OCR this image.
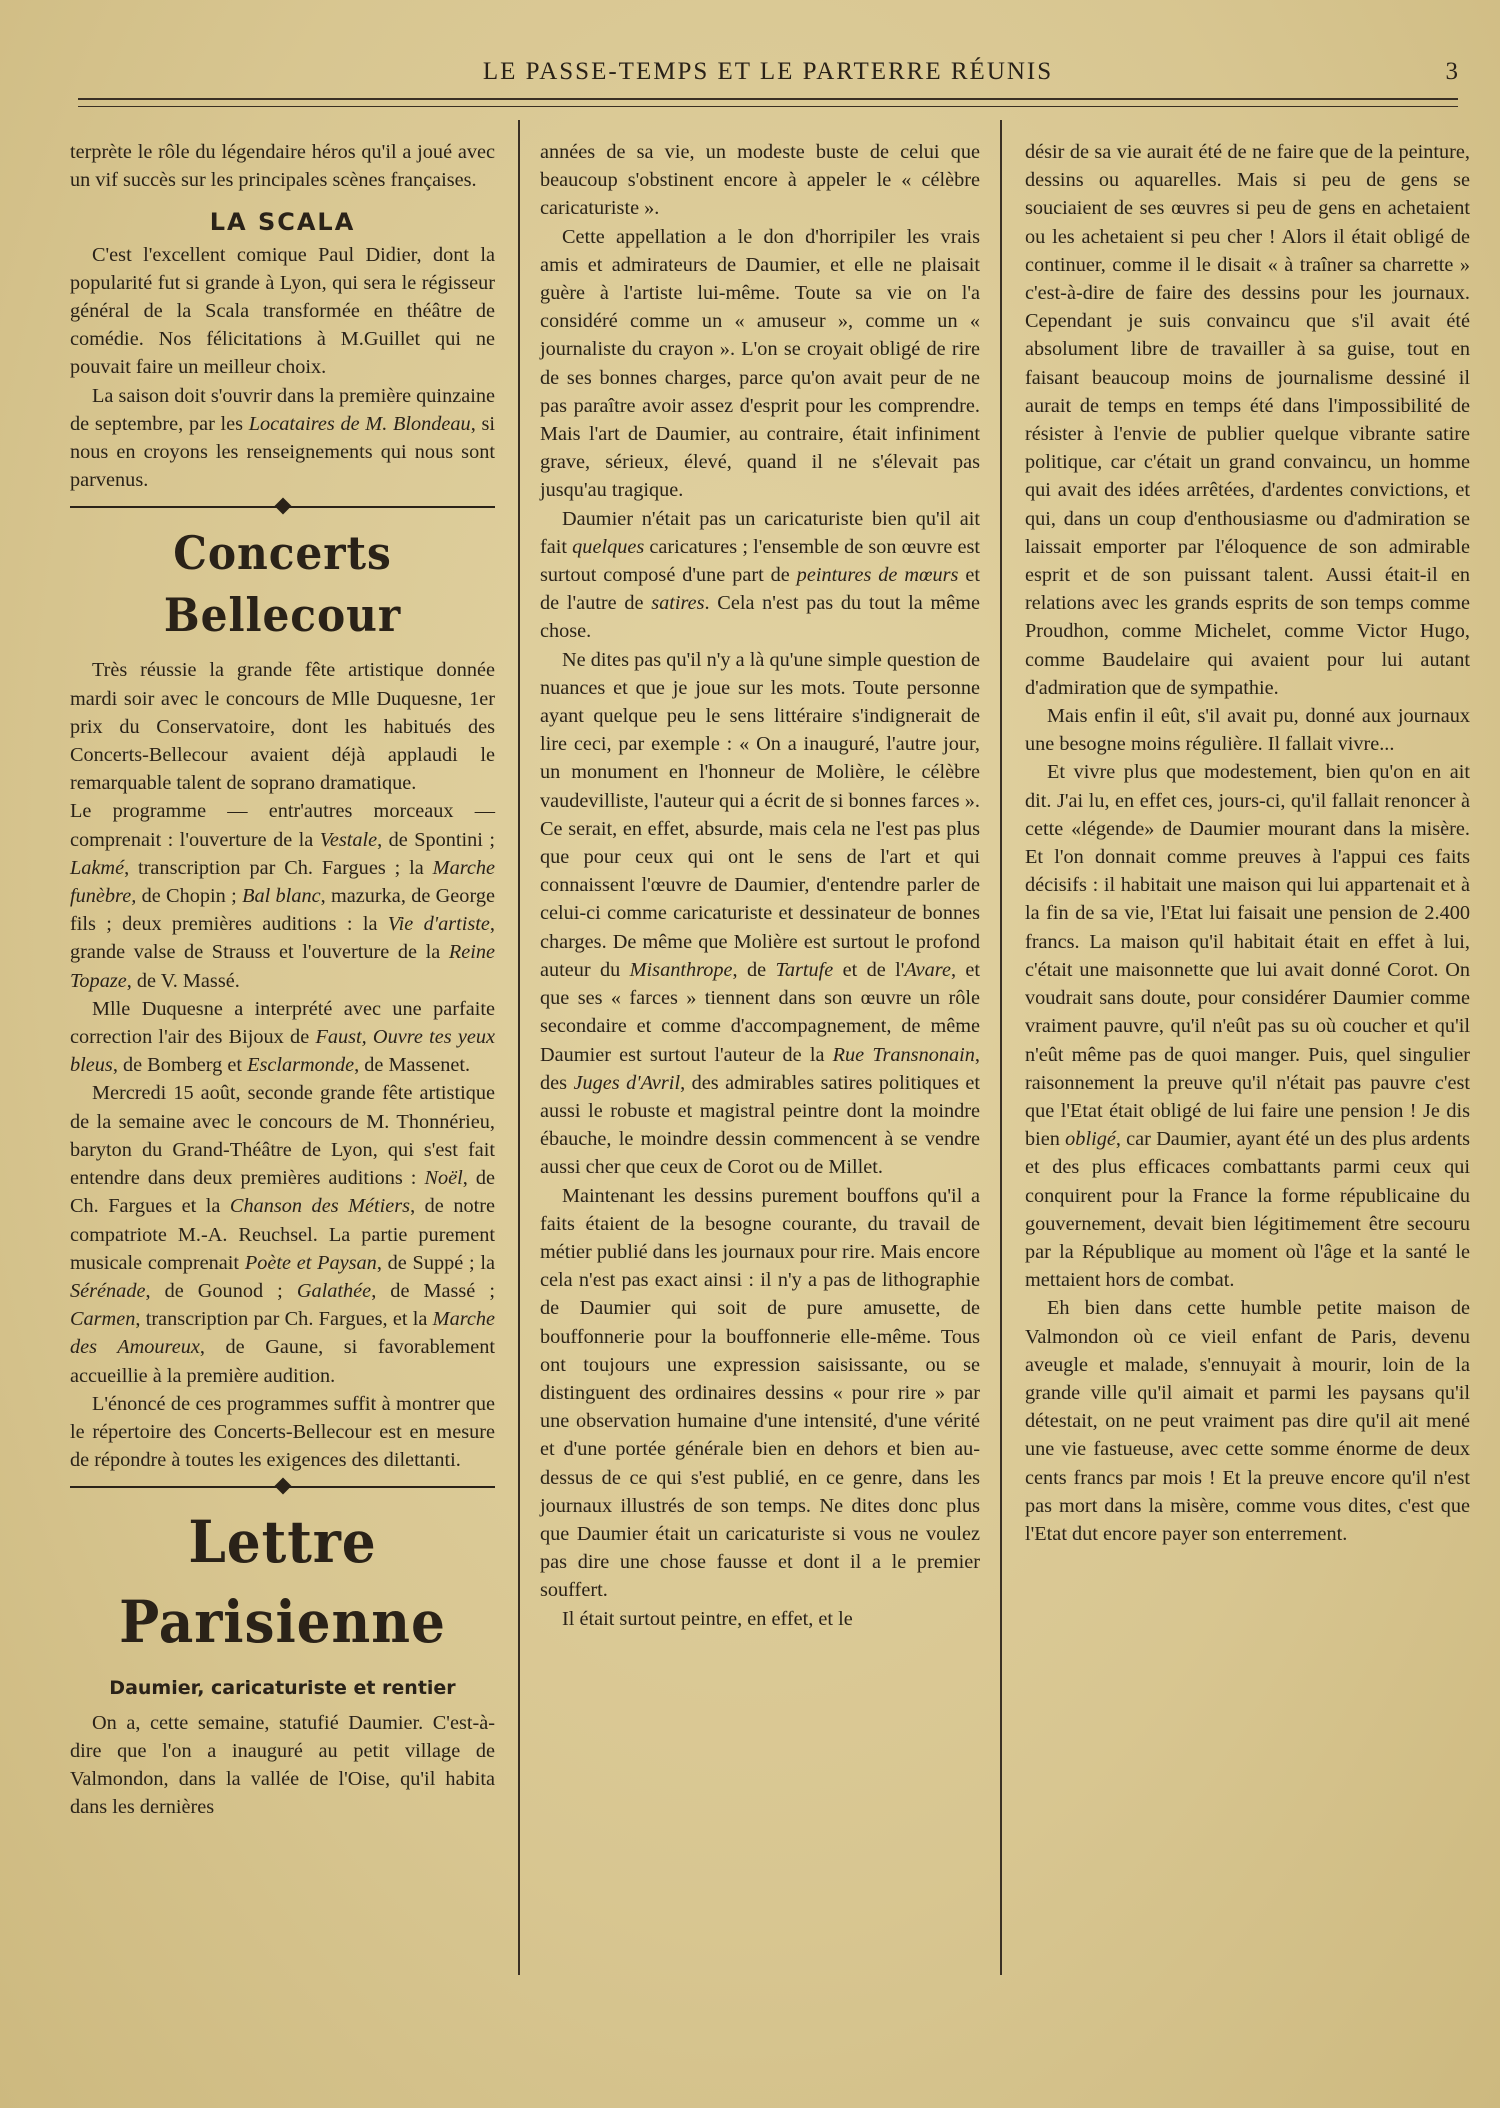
LE PASSE-TEMPS ET LE PARTERRE RÉUNIS	3

terprète le rôle du légendaire héros qu'il a joué avec un vif succès sur les principales scènes françaises.

LA SCALA

C'est l'excellent comique Paul Didier, dont la popularité fut si grande à Lyon, qui sera le régisseur général de la Scala transformée en théâtre de comédie. Nos félicitations à M.Guillet qui ne pouvait faire un meilleur choix.

La saison doit s'ouvrir dans la première quinzaine de septembre, par les Locataires de M. Blondeau, si nous en croyons les renseignements qui nous sont parvenus.

Concerts Bellecour

Très réussie la grande fête artistique donnée mardi soir avec le concours de Mlle Duquesne, 1er prix du Conservatoire, dont les habitués des Concerts-Bellecour avaient déjà applaudi le remarquable talent de soprano dramatique.

Le programme — entr'autres morceaux — comprenait : l'ouverture de la Vestale, de Spontini ; Lakmé, transcription par Ch. Fargues ; la Marche funèbre, de Chopin ; Bal blanc, mazurka, de George fils ; deux premières auditions : la Vie d'artiste, grande valse de Strauss et l'ouverture de la Reine Topaze, de V. Massé.

Mlle Duquesne a interprété avec une parfaite correction l'air des Bijoux de Faust, Ouvre tes yeux bleus, de Bomberg et Esclarmonde, de Massenet.

Mercredi 15 août, seconde grande fête artistique de la semaine avec le concours de M. Thonnérieu, baryton du Grand-Théâtre de Lyon, qui s'est fait entendre dans deux premières auditions : Noël, de Ch. Fargues et la Chanson des Métiers, de notre compatriote M.-A. Reuchsel. La partie purement musicale comprenait Poète et Paysan, de Suppé ; la Sérénade, de Gounod ; Galathée, de Massé ; Carmen, transcription par Ch. Fargues, et la Marche des Amoureux, de Gaune, si favorablement accueillie à la première audition.

L'énoncé de ces programmes suffit à montrer que le répertoire des Concerts-Bellecour est en mesure de répondre à toutes les exigences des dilettanti.

Lettre Parisienne
Daumier, caricaturiste et rentier

On a, cette semaine, statufié Daumier. C'est-à-dire que l'on a inauguré au petit village de Valmondon, dans la vallée de l'Oise, qu'il habita dans les dernières

années de sa vie, un modeste buste de celui que beaucoup s'obstinent encore à appeler le « célèbre caricaturiste ».

Cette appellation a le don d'horripiler les vrais amis et admirateurs de Daumier, et elle ne plaisait guère à l'artiste lui-même. Toute sa vie on l'a considéré comme un « amuseur », comme un « journaliste du crayon ». L'on se croyait obligé de rire de ses bonnes charges, parce qu'on avait peur de ne pas paraître avoir assez d'esprit pour les comprendre. Mais l'art de Daumier, au contraire, était infiniment grave, sérieux, élevé, quand il ne s'élevait pas jusqu'au tragique.

Daumier n'était pas un caricaturiste bien qu'il ait fait quelques caricatures ; l'ensemble de son œuvre est surtout composé d'une part de peintures de mœurs et de l'autre de satires. Cela n'est pas du tout la même chose.

Ne dites pas qu'il n'y a là qu'une simple question de nuances et que je joue sur les mots. Toute personne ayant quelque peu le sens littéraire s'indignerait de lire ceci, par exemple : « On a inauguré, l'autre jour, un monument en l'honneur de Molière, le célèbre vaudevilliste, l'auteur qui a écrit de si bonnes farces ». Ce serait, en effet, absurde, mais cela ne l'est pas plus que pour ceux qui ont le sens de l'art et qui connaissent l'œuvre de Daumier, d'entendre parler de celui-ci comme caricaturiste et dessinateur de bonnes charges. De même que Molière est surtout le profond auteur du Misanthrope, de Tartufe et de l'Avare, et que ses « farces » tiennent dans son œuvre un rôle secondaire et comme d'accompagnement, de même Daumier est surtout l'auteur de la Rue Transnonain, des Juges d'Avril, des admirables satires politiques et aussi le robuste et magistral peintre dont la moindre ébauche, le moindre dessin commencent à se vendre aussi cher que ceux de Corot ou de Millet.

Maintenant les dessins purement bouffons qu'il a faits étaient de la besogne courante, du travail de métier publié dans les journaux pour rire. Mais encore cela n'est pas exact ainsi : il n'y a pas de lithographie de Daumier qui soit de pure amusette, de bouffonnerie pour la bouffonnerie elle-même. Tous ont toujours une expression saisissante, ou se distinguent des ordinaires dessins « pour rire » par une observation humaine d'une intensité, d'une vérité et d'une portée générale bien en dehors et bien au-dessus de ce qui s'est publié, en ce genre, dans les journaux illustrés de son temps. Ne dites donc plus que Daumier était un caricaturiste si vous ne voulez pas dire une chose fausse et dont il a le premier souffert.

Il était surtout peintre, en effet, et le

désir de sa vie aurait été de ne faire que de la peinture, dessins ou aquarelles. Mais si peu de gens se souciaient de ses œuvres si peu de gens en achetaient ou les achetaient si peu cher ! Alors il était obligé de continuer, comme il le disait « à traîner sa charrette » c'est-à-dire de faire des dessins pour les journaux. Cependant je suis convaincu que s'il avait été absolument libre de travailler à sa guise, tout en faisant beaucoup moins de journalisme dessiné il aurait de temps en temps été dans l'impossibilité de résister à l'envie de publier quelque vibrante satire politique, car c'était un grand convaincu, un homme qui avait des idées arrêtées, d'ardentes convictions, et qui, dans un coup d'enthousiasme ou d'admiration se laissait emporter par l'éloquence de son admirable esprit et de son puissant talent. Aussi était-il en relations avec les grands esprits de son temps comme Proudhon, comme Michelet, comme Victor Hugo, comme Baudelaire qui avaient pour lui autant d'admiration que de sympathie.

Mais enfin il eût, s'il avait pu, donné aux journaux une besogne moins régulière. Il fallait vivre...

Et vivre plus que modestement, bien qu'on en ait dit. J'ai lu, en effet ces, jours-ci, qu'il fallait renoncer à cette «légende» de Daumier mourant dans la misère. Et l'on donnait comme preuves à l'appui ces faits décisifs : il habitait une maison qui lui appartenait et à la fin de sa vie, l'Etat lui faisait une pension de 2.400 francs. La maison qu'il habitait était en effet à lui, c'était une maisonnette que lui avait donné Corot. On voudrait sans doute, pour considérer Daumier comme vraiment pauvre, qu'il n'eût pas su où coucher et qu'il n'eût même pas de quoi manger. Puis, quel singulier raisonnement la preuve qu'il n'était pas pauvre c'est que l'Etat était obligé de lui faire une pension ! Je dis bien obligé, car Daumier, ayant été un des plus ardents et des plus efficaces combattants parmi ceux qui conquirent pour la France la forme républicaine du gouvernement, devait bien légitimement être secouru par la République au moment où l'âge et la santé le mettaient hors de combat.

Eh bien dans cette humble petite maison de Valmondon où ce vieil enfant de Paris, devenu aveugle et malade, s'ennuyait à mourir, loin de la grande ville qu'il aimait et parmi les paysans qu'il détestait, on ne peut vraiment pas dire qu'il ait mené une vie fastueuse, avec cette somme énorme de deux cents francs par mois ! Et la preuve encore qu'il n'est pas mort dans la misère, comme vous dites, c'est que l'Etat dut encore payer son enterrement.
